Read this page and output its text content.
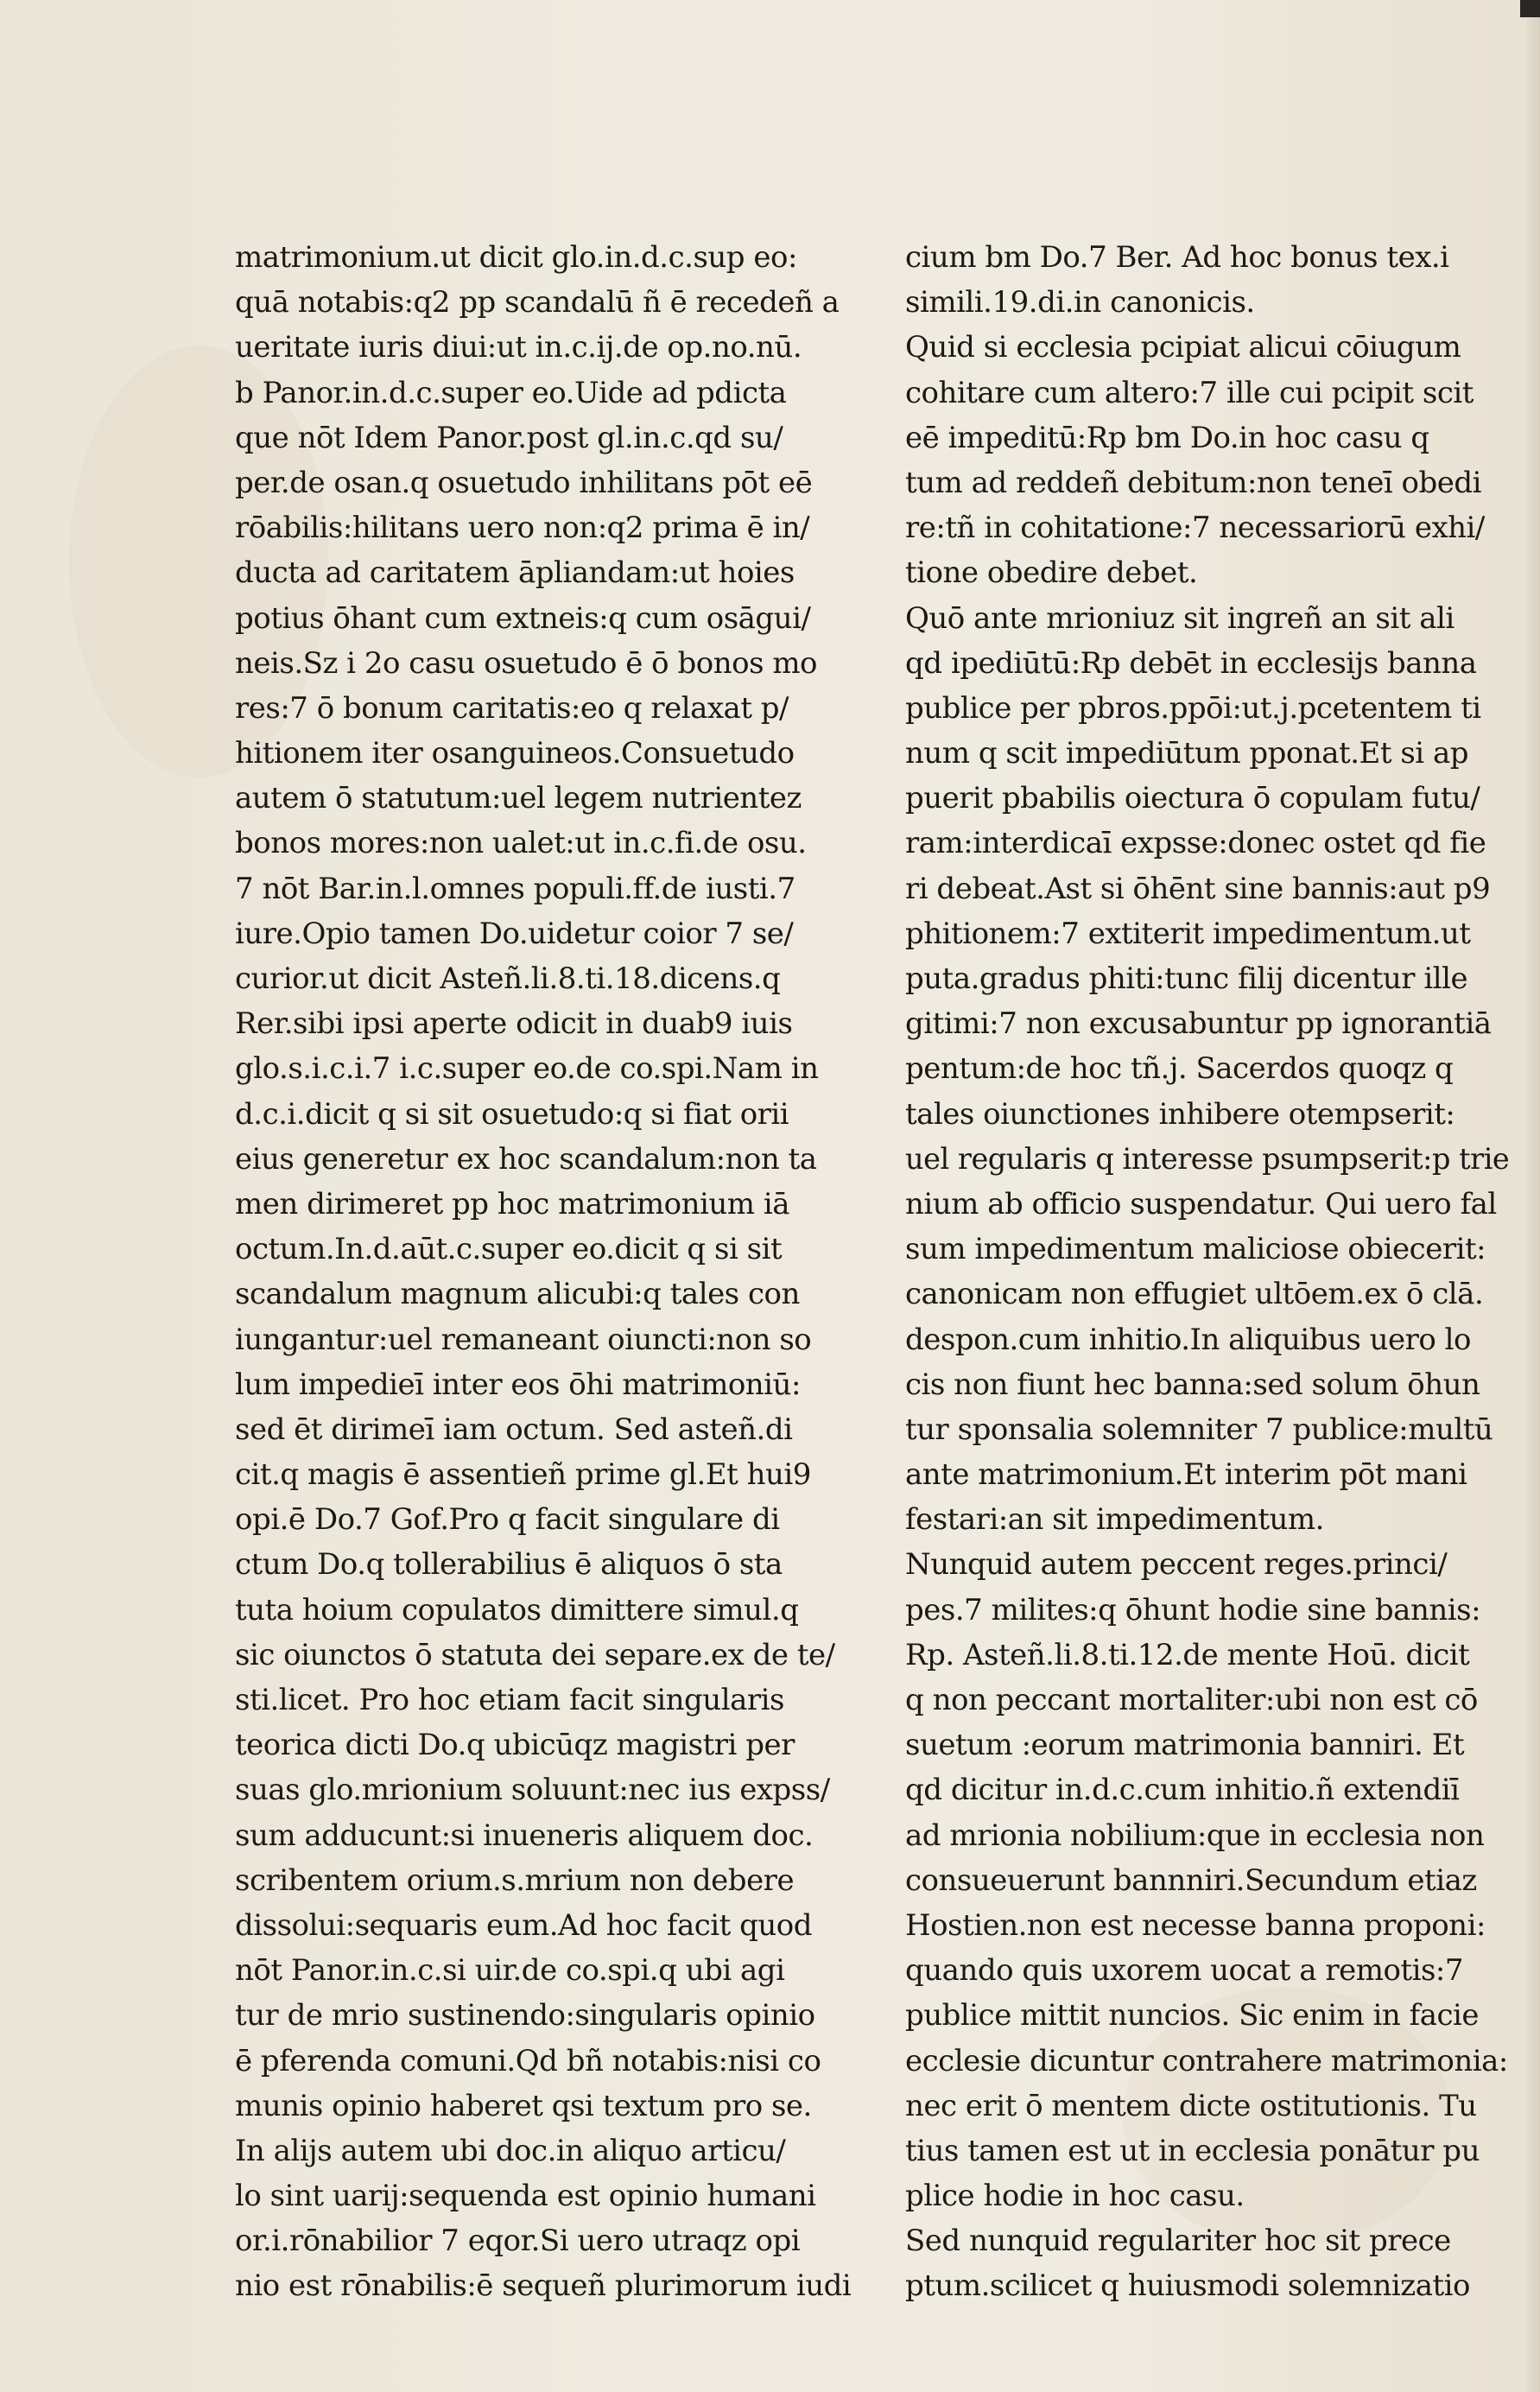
matrimonium.ut dicit glo.in.d.c.sup eo:
quā notabis:q2 pp scandalū ñ ē recedeñ a
ueritate iuris diui:ut in.c.ij.de op.no.nū.
b Panor.in.d.c.super eo.Uide ad pdicta
que nōt Idem Panor.post gl.in.c.qd su/
per.de osan.q osuetudo inhilitans pōt eē
rōabilis:hilitans uero non:q2 prima ē in/
ducta ad caritatem āpliandam:ut hoies
potius ōhant cum extneis:q cum osāgui/
neis.Sz i 2o casu osuetudo ē ō bonos mo
res:7 ō bonum caritatis:eo q relaxat p/
hitionem iter osanguineos.Consuetudo
autem ō statutum:uel legem nutrientez
bonos mores:non ualet:ut in.c.fi.de osu.
7 nōt Bar.in.l.omnes populi.ff.de iusti.7
iure.Opio tamen Do.uidetur coior 7 se/
curior.ut dicit Asteñ.li.8.ti.18.dicens.q
Rer.sibi ipsi aperte odicit in duab9 iuis
glo.s.i.c.i.7 i.c.super eo.de co.spi.Nam in
d.c.i.dicit q si sit osuetudo:q si fiat orii
eius generetur ex hoc scandalum:non ta
men dirimeret pp hoc matrimonium iā
octum.In.d.aūt.c.super eo.dicit q si sit
scandalum magnum alicubi:q tales con
iungantur:uel remaneant oiuncti:non so
lum impedieī inter eos ōhi matrimoniū:
sed ēt dirimeī iam octum. Sed asteñ.di
cit.q magis ē assentieñ prime gl.Et hui9
opi.ē Do.7 Gof.Pro q facit singulare di
ctum Do.q tollerabilius ē aliquos ō sta
tuta hoium copulatos dimittere simul.q
sic oiunctos ō statuta dei separe.ex de te/
sti.licet. Pro hoc etiam facit singularis
teorica dicti Do.q ubicūqz magistri per
suas glo.mrionium soluunt:nec ius expss/
sum adducunt:si inueneris aliquem doc.
scribentem orium.s.mrium non debere
dissolui:sequaris eum.Ad hoc facit quod
nōt Panor.in.c.si uir.de co.spi.q ubi agi
tur de mrio sustinendo:singularis opinio
ē pferenda comuni.Qd bñ notabis:nisi co
munis opinio haberet qsi textum pro se.
In alijs autem ubi doc.in aliquo articu/
lo sint uarij:sequenda est opinio humani
or.i.rōnabilior 7 eqor.Si uero utraqz opi
nio est rōnabilis:ē sequeñ plurimorum iudi
cium bm Do.7 Ber. Ad hoc bonus tex.i
simili.19.di.in canonicis.
Quid si ecclesia pcipiat alicui cōiugum
cohitare cum altero:7 ille cui pcipit scit
eē impeditū:Rp bm Do.in hoc casu q
tum ad reddeñ debitum:non teneī obedi
re:tñ in cohitatione:7 necessariorū exhi/
tione obedire debet.
Quō ante mrioniuz sit ingreñ an sit ali
qd ipediūtū:Rp debēt in ecclesijs banna
publice per pbros.ppōi:ut.j.pcetentem ti
num q scit impediūtum pponat.Et si ap
puerit pbabilis oiectura ō copulam futu/
ram:interdicaī expsse:donec ostet qd fie
ri debeat.Ast si ōhēnt sine bannis:aut p9
phitionem:7 extiterit impedimentum.ut
puta.gradus phiti:tunc filij dicentur ille
gitimi:7 non excusabuntur pp ignorantiā
pentum:de hoc tñ.j. Sacerdos quoqz q
tales oiunctiones inhibere otempserit:
uel regularis q interesse psumpserit:p trie
nium ab officio suspendatur. Qui uero fal
sum impedimentum maliciose obiecerit:
canonicam non effugiet ultōem.ex ō clā.
despon.cum inhitio.In aliquibus uero lo
cis non fiunt hec banna:sed solum ōhun
tur sponsalia solemniter 7 publice:multū
ante matrimonium.Et interim pōt mani
festari:an sit impedimentum.
Nunquid autem peccent reges.princi/
pes.7 milites:q ōhunt hodie sine bannis:
Rp. Asteñ.li.8.ti.12.de mente Hoū. dicit
q non peccant mortaliter:ubi non est cō
suetum :eorum matrimonia banniri. Et
qd dicitur in.d.c.cum inhitio.ñ extendiī
ad mrionia nobilium:que in ecclesia non
consueuerunt bannniri.Secundum etiaz
Hostien.non est necesse banna proponi:
quando quis uxorem uocat a remotis:7
publice mittit nuncios. Sic enim in facie
ecclesie dicuntur contrahere matrimonia:
nec erit ō mentem dicte ostitutionis. Tu
tius tamen est ut in ecclesia ponātur pu
plice hodie in hoc casu.
Sed nunquid regulariter hoc sit prece
ptum.scilicet q huiusmodi solemnizatio
